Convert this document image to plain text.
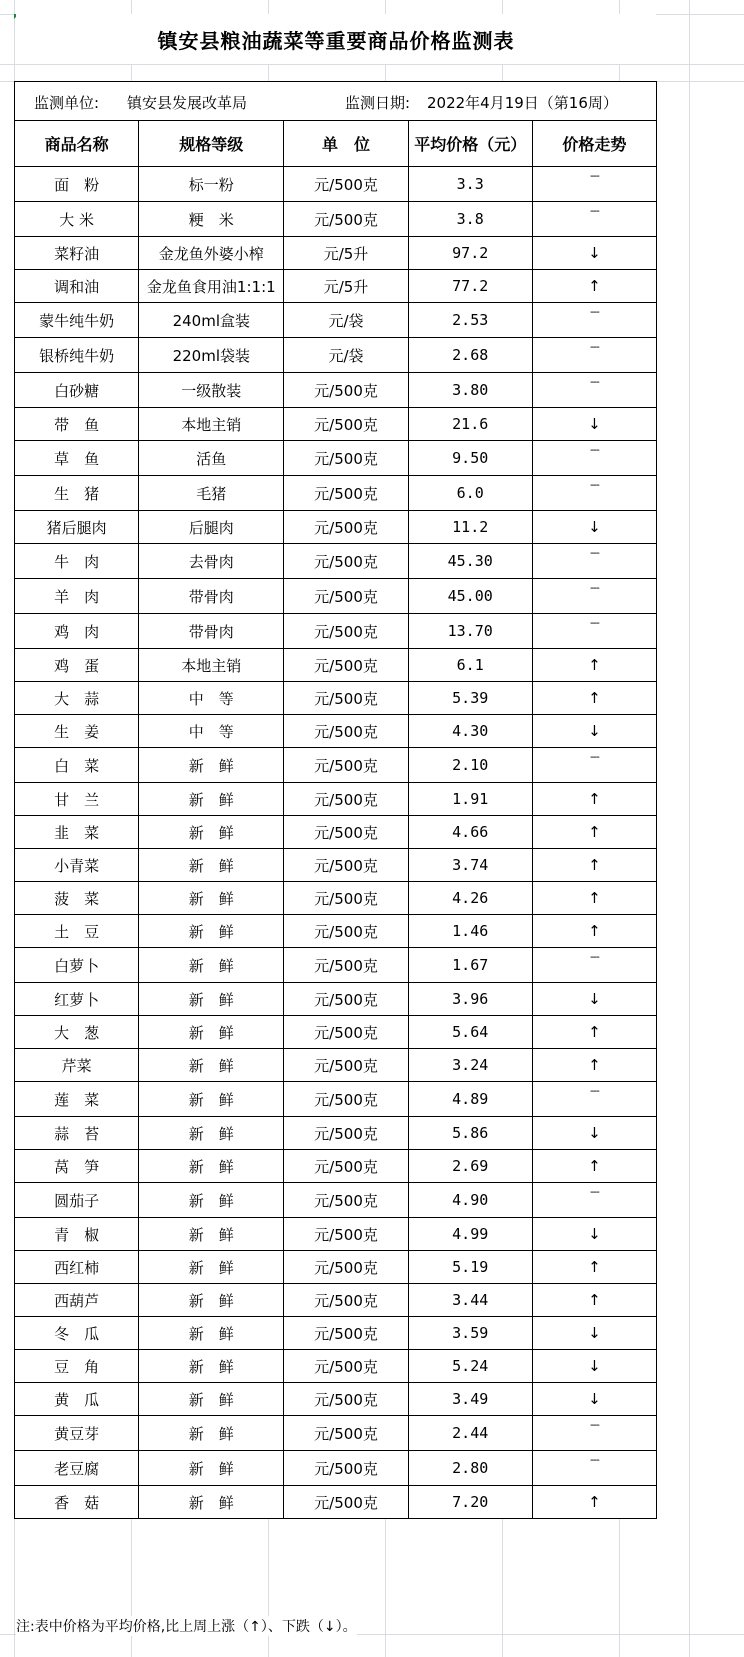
镇安县粮油蔬菜等重要商品价格监测表
监测单位: 镇安县发展改革局 监测日期: 2022年4月19日（第16周）				

商品名称	规格等级	单　位	平均价格（元）	价格走势
面　粉	标一粉	元/500克	3.3	---
大 米	粳　米	元/500克	3.8	---
菜籽油	金龙鱼外婆小榨	元/5升	97.2	↓
调和油	金龙鱼食用油1:1:1	元/5升	77.2	↑
蒙牛纯牛奶	240ml盒装	元/袋	2.53	---
银桥纯牛奶	220ml袋装	元/袋	2.68	---
白砂糖	一级散装	元/500克	3.80	---
带　鱼	本地主销	元/500克	21.6	↓
草　鱼	活鱼	元/500克	9.50	---
生　猪	毛猪	元/500克	6.0	---
猪后腿肉	后腿肉	元/500克	11.2	↓
牛　肉	去骨肉	元/500克	45.30	---
羊　肉	带骨肉	元/500克	45.00	---
鸡　肉	带骨肉	元/500克	13.70	---
鸡　蛋	本地主销	元/500克	6.1	↑
大　蒜	中　等	元/500克	5.39	↑
生　姜	中　等	元/500克	4.30	↓
白　菜	新　鲜	元/500克	2.10	---
甘　兰	新　鲜	元/500克	1.91	↑
韭　菜	新　鲜	元/500克	4.66	↑
小青菜	新　鲜	元/500克	3.74	↑
菠　菜	新　鲜	元/500克	4.26	↑
土　豆	新　鲜	元/500克	1.46	↑
白萝卜	新　鲜	元/500克	1.67	---
红萝卜	新　鲜	元/500克	3.96	↓
大　葱	新　鲜	元/500克	5.64	↑
芹菜	新　鲜	元/500克	3.24	↑
莲　菜	新　鲜	元/500克	4.89	---
蒜　苔	新　鲜	元/500克	5.86	↓
莴　笋	新　鲜	元/500克	2.69	↑
圆茄子	新　鲜	元/500克	4.90	---
青　椒	新　鲜	元/500克	4.99	↓
西红柿	新　鲜	元/500克	5.19	↑
西葫芦	新　鲜	元/500克	3.44	↑
冬　瓜	新　鲜	元/500克	3.59	↓
豆　角	新　鲜	元/500克	5.24	↓
黄　瓜	新　鲜	元/500克	3.49	↓
黄豆芽	新　鲜	元/500克	2.44	---
老豆腐	新　鲜	元/500克	2.80	---
香　菇	新　鲜	元/500克	7.20	↑
注:表中价格为平均价格,比上周上涨（↑）、下跌（↓）。
